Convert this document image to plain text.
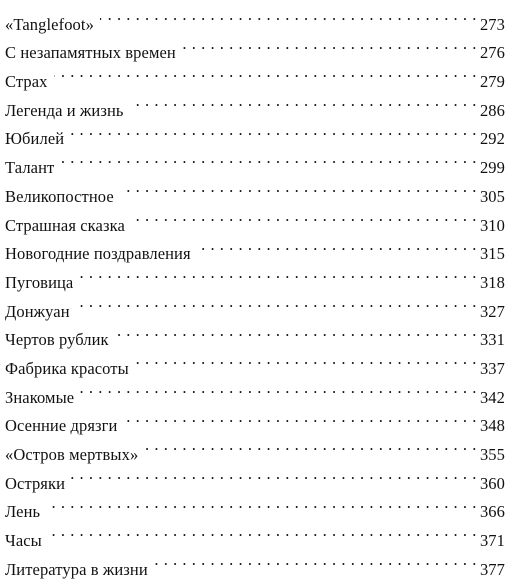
«Tanglefoot» . . .	273
С незапамятных времен . . .	276
Страх . . .	279
Легенда и жизнь . . .	286
Юбилей . . .	292
Талант . . .	299
Великопостное . . .	305
Страшная сказка . . .	310
Новогодние поздравления . . .	315
Пуговица . . .	318
Донжуан . . .	327
Чертов рублик . . .	331
Фабрика красоты . . .	337
Знакомые . . .	342
Осенние дрязги . . .	348
«Остров мертвых» . . .	355
Остряки . . .	360
Лень . . .	366
Часы . . .	371
Литература в жизни . . .	377
